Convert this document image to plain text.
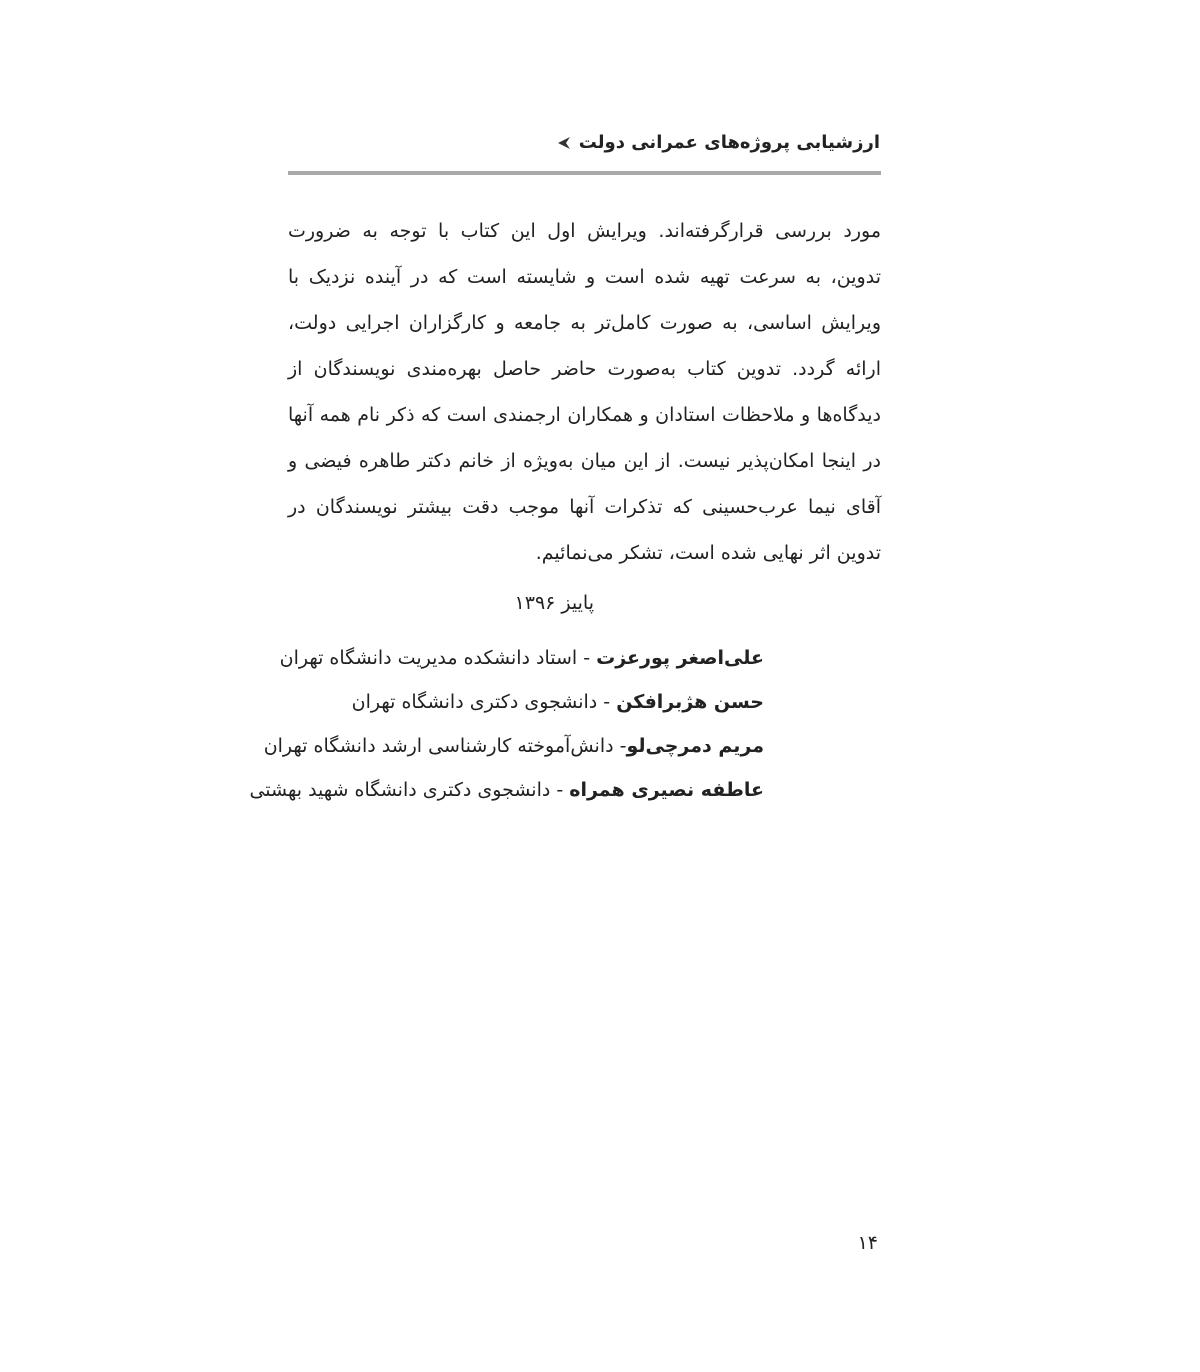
ارزشیابی پروژه‌های عمرانی دولت

مورد بررسی قرارگرفته‌اند. ویرایش اول این کتاب با توجه به ضرورت تدوین، به سرعت تهیه شده است و شایسته است که در آینده نزدیک با ویرایش اساسی، به صورت کامل‌تر به جامعه و کارگزاران اجرایی دولت، ارائه گردد. تدوین کتاب به‌صورت حاضر حاصل بهره‌مندی نویسندگان از دیدگاه‌ها و ملاحظات استادان و همکاران ارجمندی است که ذکر نام همه آنها در اینجا امکان‌پذیر نیست. از این میان به‌ویژه از خانم دکتر طاهره فیضی و آقای نیما عرب‌حسینی که تذکرات آنها موجب دقت بیشتر نویسندگان در تدوین اثر نهایی شده است، تشکر می‌نمائیم.

پاییز ۱۳۹۶
علی‌اصغر پورعزت - استاد دانشکده مدیریت دانشگاه تهران
حسن هژبرافکن - دانشجوی دکتری دانشگاه تهران
مریم دمرچی‌لو- دانش‌آموخته کارشناسی ارشد دانشگاه تهران
عاطفه نصیری همراه - دانشجوی دکتری دانشگاه شهید بهشتی
۱۴
